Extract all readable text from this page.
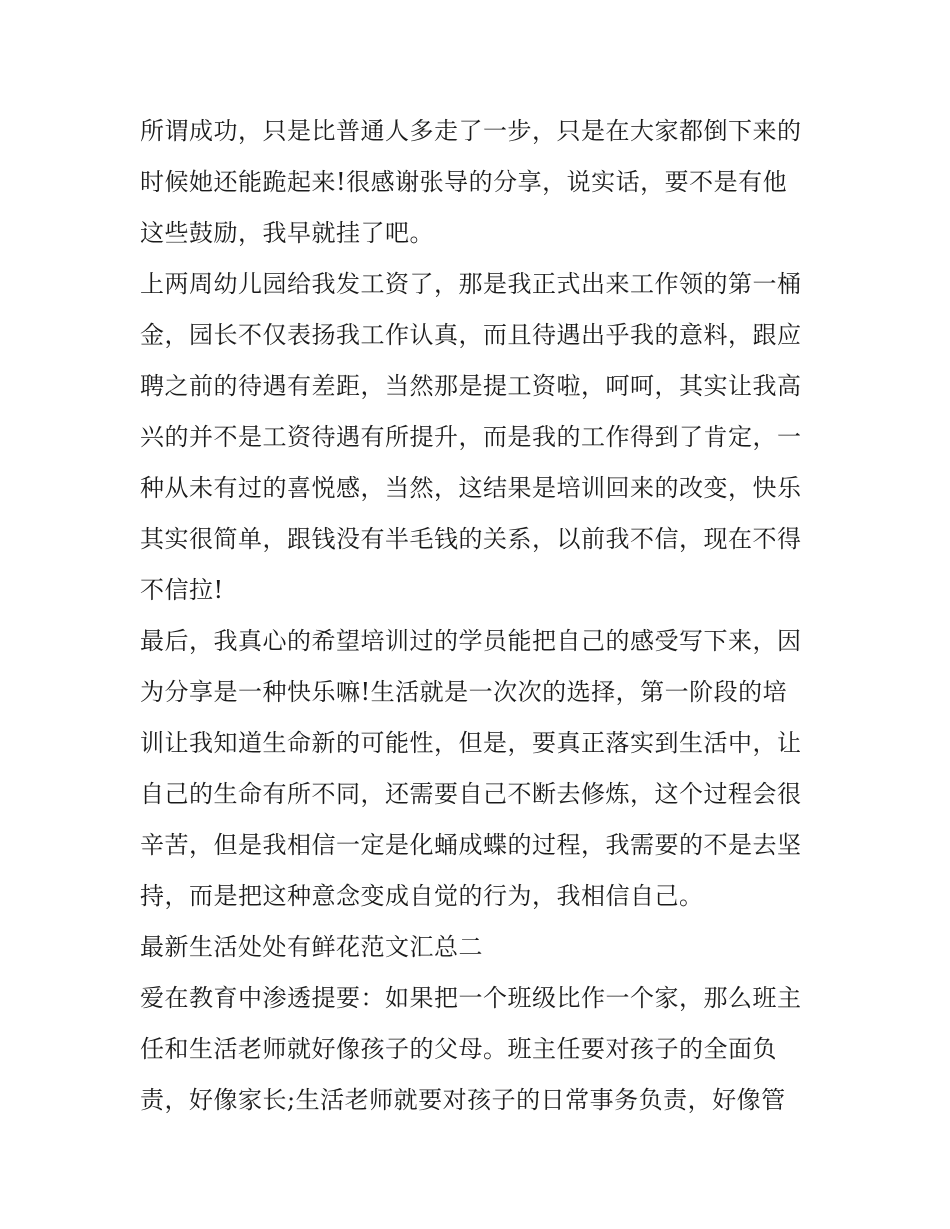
所谓成功，只是比普通人多走了一步，只是在大家都倒下来的
时候她还能跪起来!很感谢张导的分享，说实话，要不是有他
这些鼓励，我早就挂了吧。
上两周幼儿园给我发工资了，那是我正式出来工作领的第一桶
金，园长不仅表扬我工作认真，而且待遇出乎我的意料，跟应
聘之前的待遇有差距，当然那是提工资啦，呵呵，其实让我高
兴的并不是工资待遇有所提升，而是我的工作得到了肯定，一
种从未有过的喜悦感，当然，这结果是培训回来的改变，快乐
其实很简单，跟钱没有半毛钱的关系，以前我不信，现在不得
不信拉!
最后，我真心的希望培训过的学员能把自己的感受写下来，因
为分享是一种快乐嘛!生活就是一次次的选择，第一阶段的培
训让我知道生命新的可能性，但是，要真正落实到生活中，让
自己的生命有所不同，还需要自己不断去修炼，这个过程会很
辛苦，但是我相信一定是化蛹成蝶的过程，我需要的不是去坚
持，而是把这种意念变成自觉的行为，我相信自己。
最新生活处处有鲜花范文汇总二
爱在教育中渗透提要：如果把一个班级比作一个家，那么班主
任和生活老师就好像孩子的父母。班主任要对孩子的全面负
责，好像家长;生活老师就要对孩子的日常事务负责，好像管
